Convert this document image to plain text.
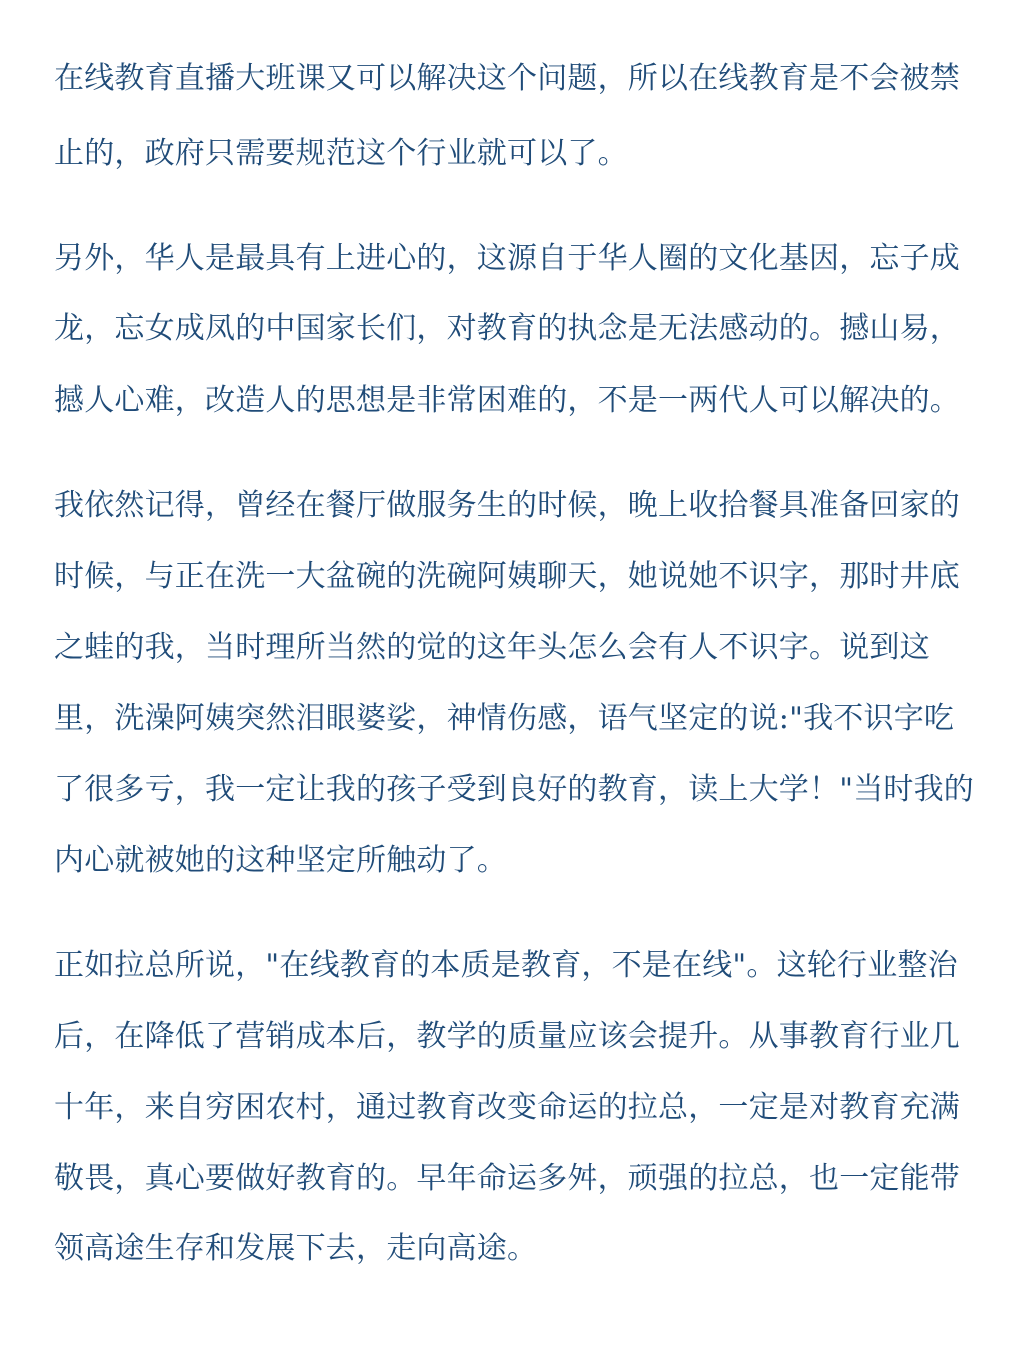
在线教育直播大班课又可以解决这个问题，所以在线教育是不会被禁
止的，政府只需要规范这个行业就可以了。
另外，华人是最具有上进心的，这源自于华人圈的文化基因，忘子成
龙，忘女成凤的中国家长们，对教育的执念是无法感动的。撼山易，
撼人心难，改造人的思想是非常困难的，不是一两代人可以解决的。
我依然记得，曾经在餐厅做服务生的时候，晚上收拾餐具准备回家的
时候，与正在洗一大盆碗的洗碗阿姨聊天，她说她不识字，那时井底
之蛙的我，当时理所当然的觉的这年头怎么会有人不识字。说到这
里，洗澡阿姨突然泪眼婆娑，神情伤感，语气坚定的说:"我不识字吃
了很多亏，我一定让我的孩子受到良好的教育，读上大学！"当时我的
内心就被她的这种坚定所触动了。
正如拉总所说，"在线教育的本质是教育，不是在线"。这轮行业整治
后，在降低了营销成本后，教学的质量应该会提升。从事教育行业几
十年，来自穷困农村，通过教育改变命运的拉总，一定是对教育充满
敬畏，真心要做好教育的。早年命运多舛，顽强的拉总，也一定能带
领高途生存和发展下去，走向高途。
